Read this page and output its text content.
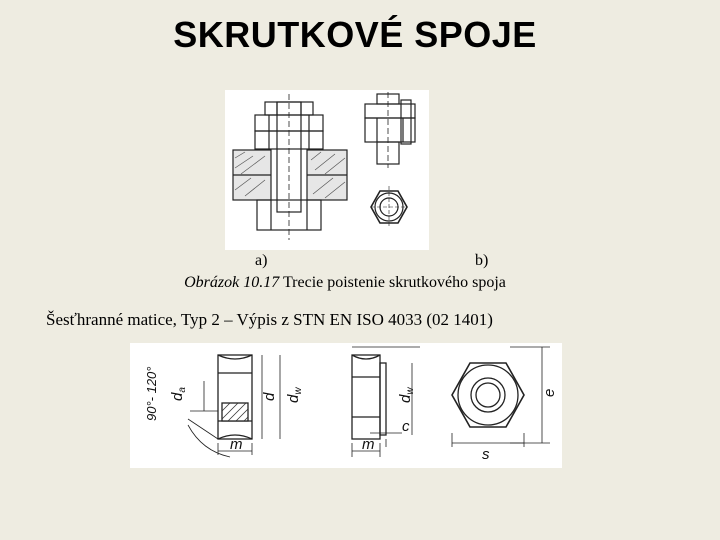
SKRUTKOVÉ SPOJE
a)	b)
Obrázok 10.17 Trecie poistenie skrutkového spoja
Šesťhranné matice, Typ 2 – Výpis z STN EN ISO 4033 (02 1401)
90°- 120° $d_a$
d $d_w$
m
$d_w$
c
m
s
e
